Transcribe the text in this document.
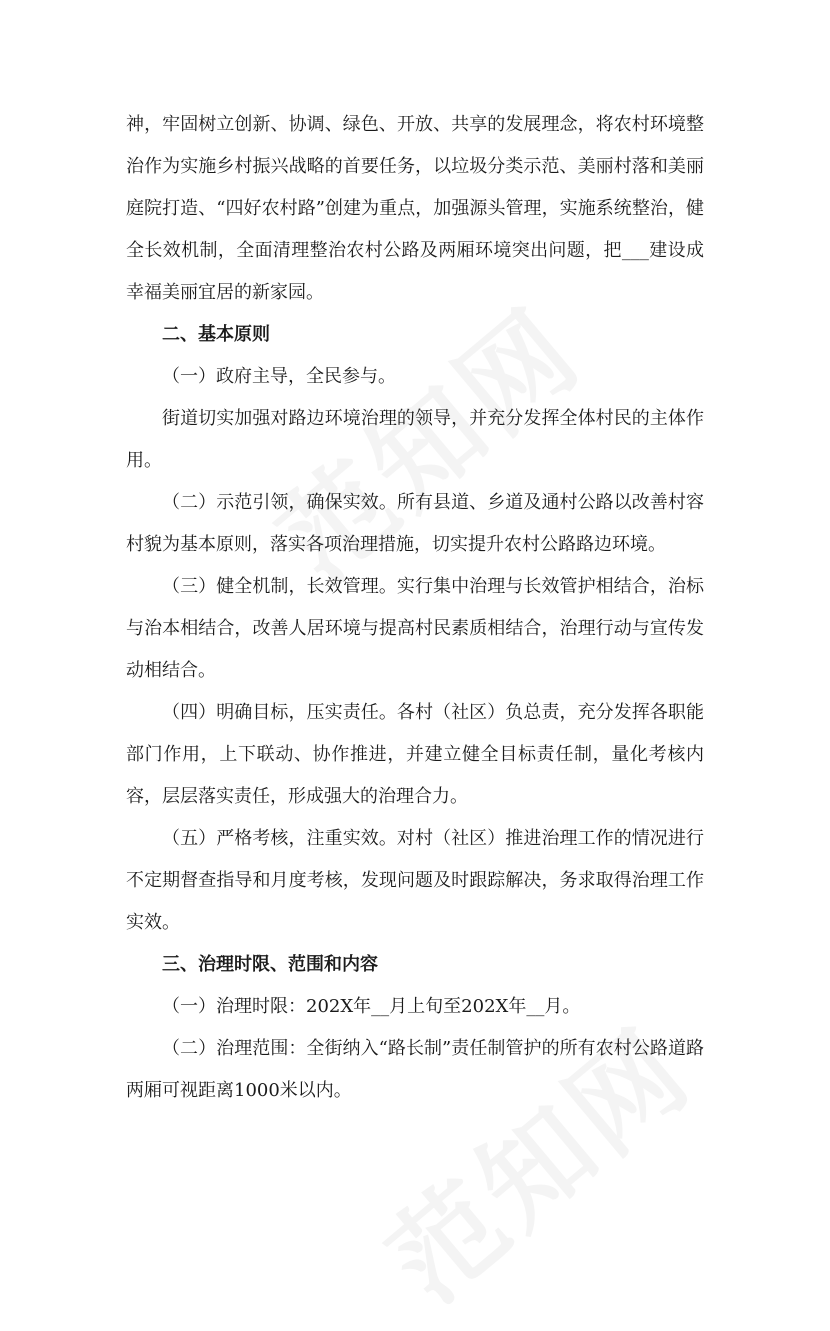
神，牢固树立创新、协调、绿色、开放、共享的发展理念，将农村环境整治作为实施乡村振兴战略的首要任务，以垃圾分类示范、美丽村落和美丽庭院打造、“四好农村路”创建为重点，加强源头管理，实施系统整治，健全长效机制，全面清理整治农村公路及两厢环境突出问题，把___建设成幸福美丽宜居的新家园。

二、基本原则

（一）政府主导，全民参与。

街道切实加强对路边环境治理的领导，并充分发挥全体村民的主体作用。

（二）示范引领，确保实效。所有县道、乡道及通村公路以改善村容村貌为基本原则，落实各项治理措施，切实提升农村公路路边环境。

（三）健全机制，长效管理。实行集中治理与长效管护相结合，治标与治本相结合，改善人居环境与提高村民素质相结合，治理行动与宣传发动相结合。

（四）明确目标，压实责任。各村（社区）负总责，充分发挥各职能部门作用，上下联动、协作推进，并建立健全目标责任制，量化考核内容，层层落实责任，形成强大的治理合力。

（五）严格考核，注重实效。对村（社区）推进治理工作的情况进行不定期督查指导和月度考核，发现问题及时跟踪解决，务求取得治理工作实效。

三、治理时限、范围和内容

（一）治理时限：202X年__月上旬至202X年__月。

（二）治理范围：全街纳入“路长制”责任制管护的所有农村公路道路两厢可视距离1000米以内。
